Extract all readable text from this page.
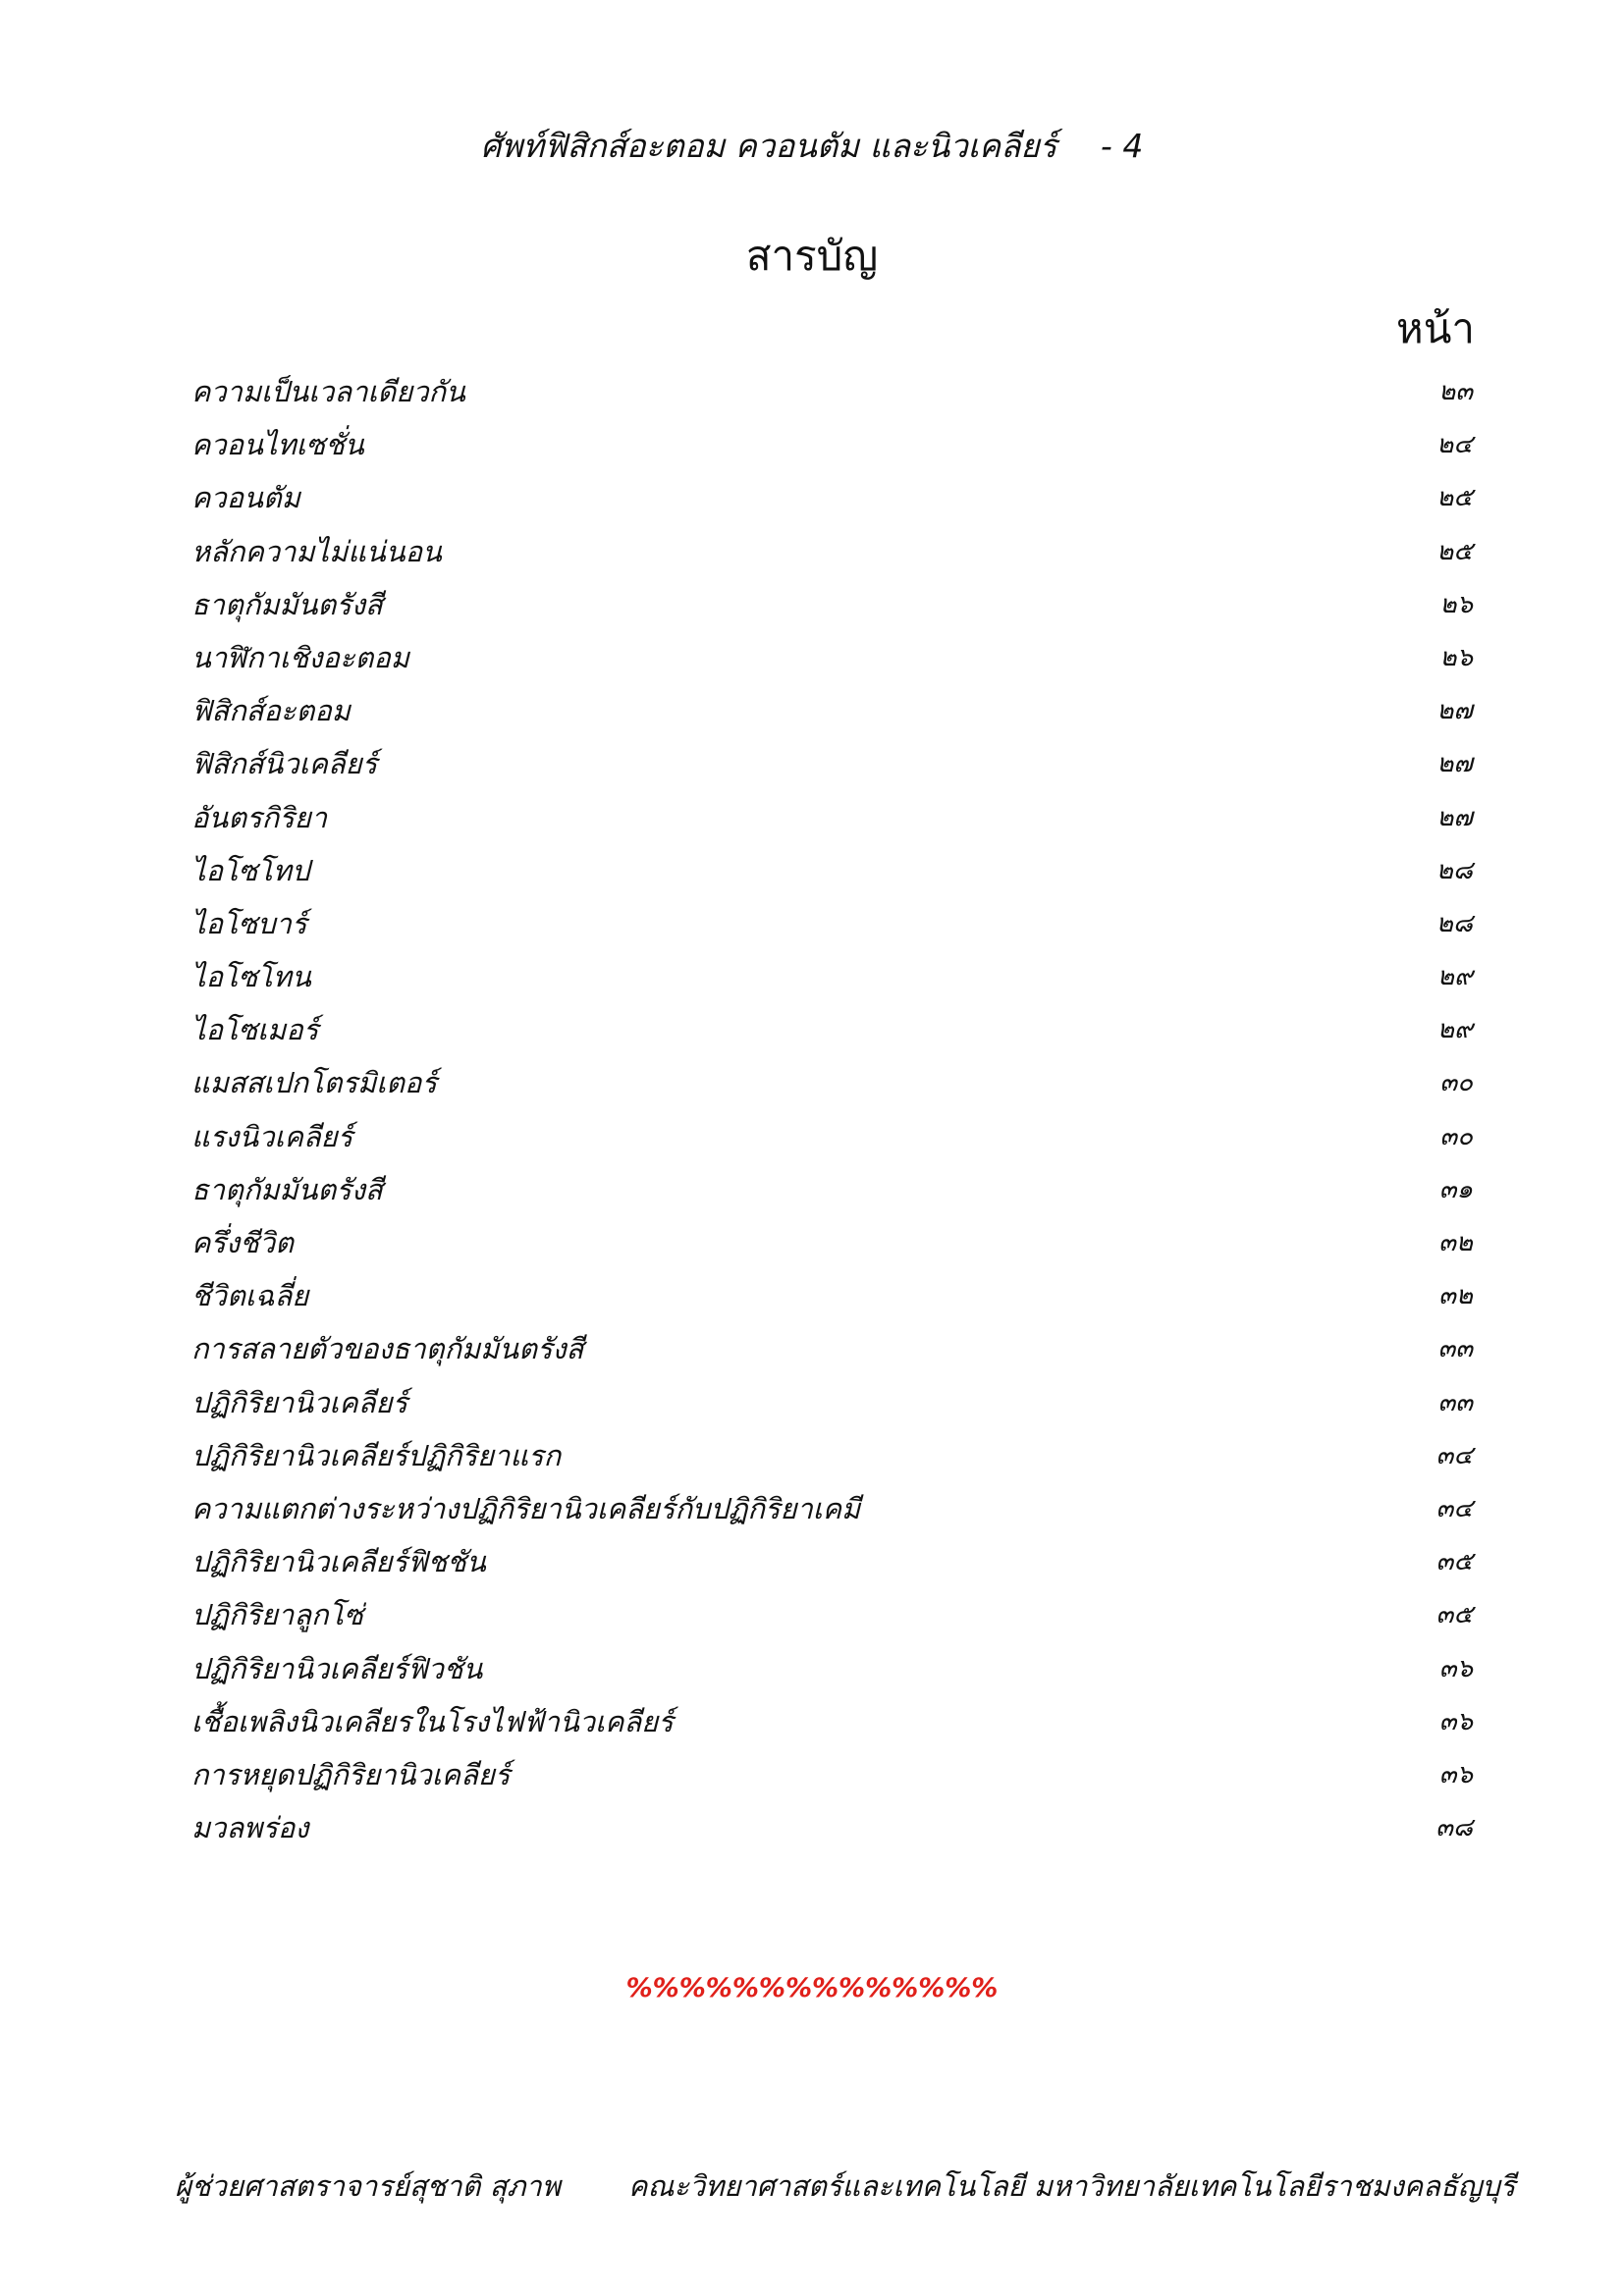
ศัพท์ฟิสิกส์อะตอม ควอนตัม และนิวเคลียร์ - 4
สารบัญ
หน้า
ความเป็นเวลาเดียวกัน	๒๓
ควอนไทเซชั่น	๒๔
ควอนตัม	๒๕
หลักความไม่แน่นอน	๒๕
ธาตุกัมมันตรังสี	๒๖
นาฬิกาเชิงอะตอม	๒๖
ฟิสิกส์อะตอม	๒๗
ฟิสิกส์นิวเคลียร์	๒๗
อันตรกิริยา	๒๗
ไอโซโทป	๒๘
ไอโซบาร์	๒๘
ไอโซโทน	๒๙
ไอโซเมอร์	๒๙
แมสสเปกโตรมิเตอร์	๓๐
แรงนิวเคลียร์	๓๐
ธาตุกัมมันตรังสี	๓๑
ครึ่งชีวิต	๓๒
ชีวิตเฉลี่ย	๓๒
การสลายตัวของธาตุกัมมันตรังสี	๓๓
ปฏิกิริยานิวเคลียร์	๓๓
ปฏิกิริยานิวเคลียร์ปฏิกิริยาแรก	๓๔
ความแตกต่างระหว่างปฏิกิริยานิวเคลียร์กับปฏิกิริยาเคมี	๓๔
ปฏิกิริยานิวเคลียร์ฟิชชัน	๓๕
ปฏิกิริยาลูกโซ่	๓๕
ปฏิกิริยานิวเคลียร์ฟิวชัน	๓๖
เชื้อเพลิงนิวเคลียรในโรงไฟฟ้านิวเคลียร์	๓๖
การหยุดปฏิกิริยานิวเคลียร์	๓๖
มวลพร่อง	๓๘
%%%%%%%%%%%%%%
ผู้ช่วยศาสตราจารย์สุชาติ สุภาพ คณะวิทยาศาสตร์และเทคโนโลยี มหาวิทยาลัยเทคโนโลยีราชมงคลธัญบุรี
